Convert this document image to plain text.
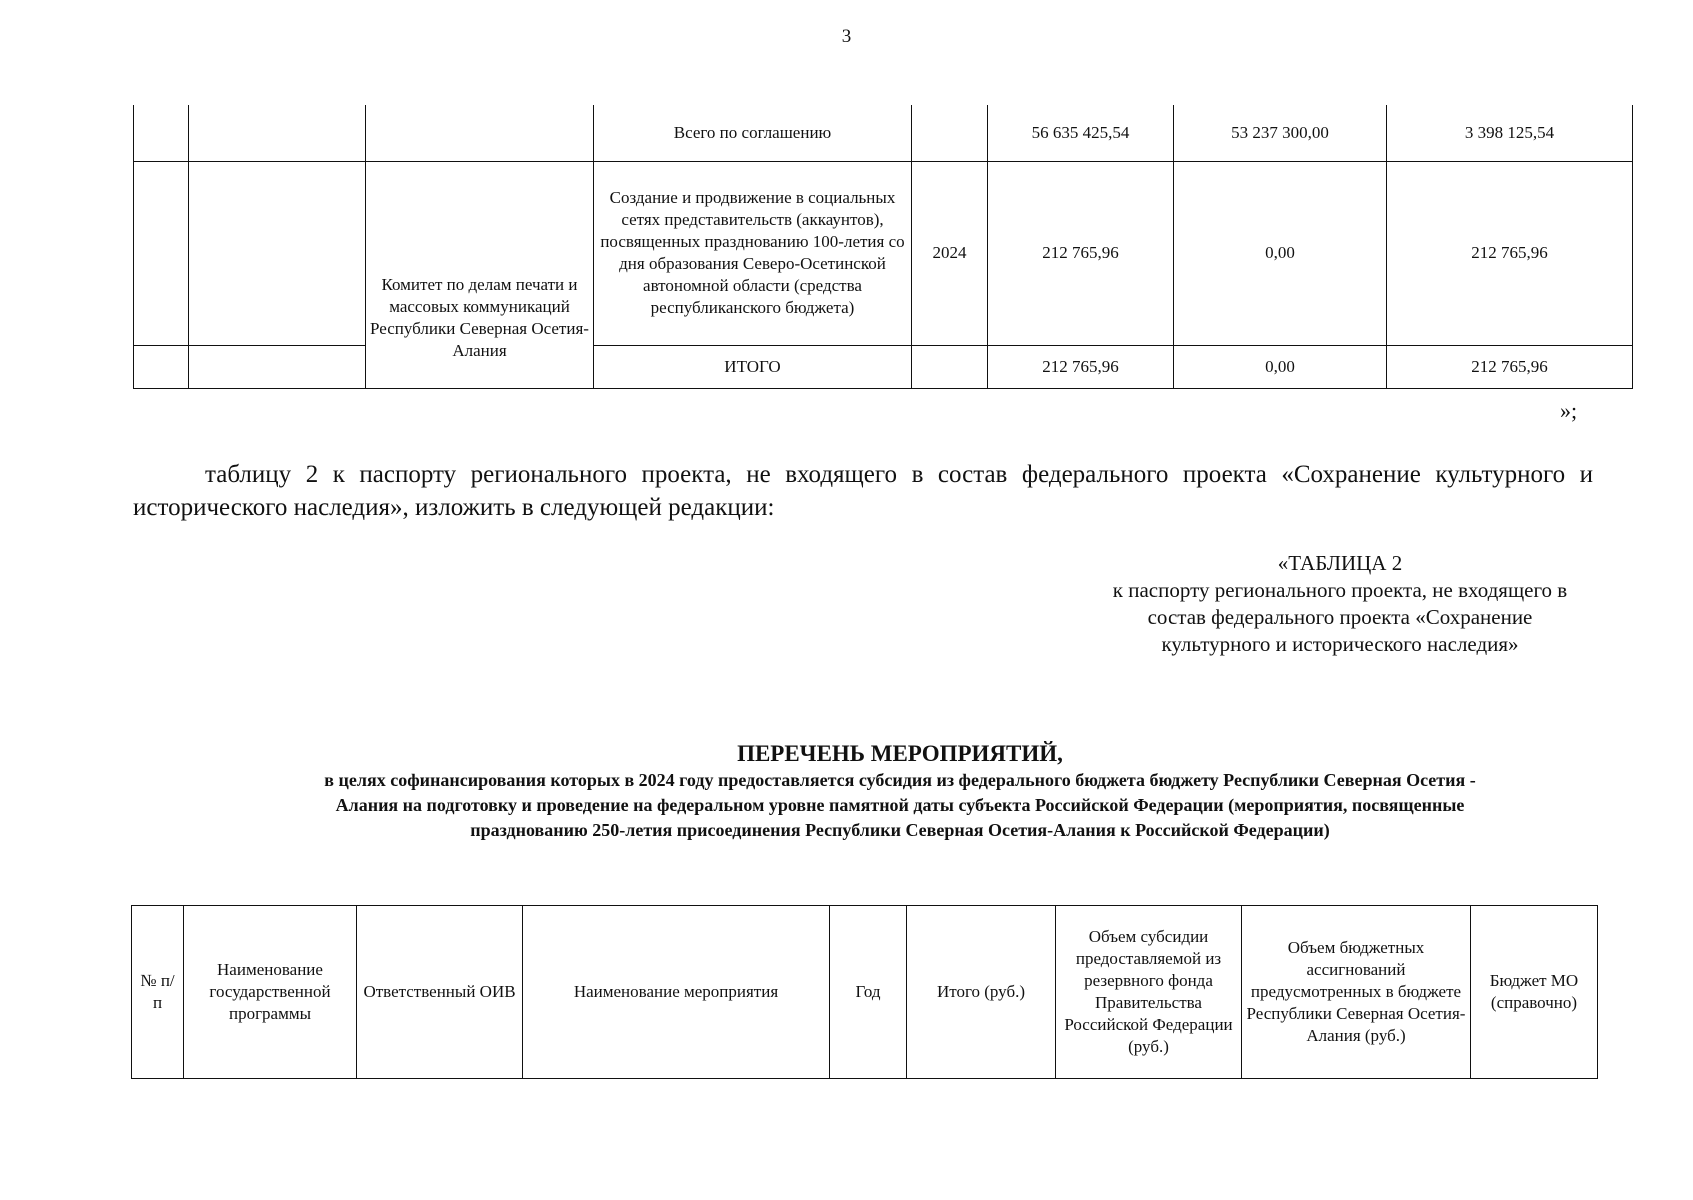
3
			Всего по соглашению		56 635 425,54	53 237 300,00	3 398 125,54
		Комитет по делам печати и массовых коммуникаций Республики Северная Осетия-Алания	Создание и продвижение в социальных сетях представительств (аккаунтов), посвященных празднованию 100-летия со дня образования Северо-Осетинской автономной области (средства республиканского бюджета)	2024	212 765,96	0,00	212 765,96
			ИТОГО		212 765,96	0,00	212 765,96
»;
таблицу 2 к паспорту регионального проекта, не входящего в состав федерального проекта «Сохранение культурного и исторического наследия», изложить в следующей редакции:
«ТАБЛИЦА 2
к паспорту регионального проекта, не входящего в состав федерального проекта «Сохранение культурного и исторического наследия»
ПЕРЕЧЕНЬ МЕРОПРИЯТИЙ,
в целях софинансирования которых в 2024 году предоставляется субсидия из федерального бюджета бюджету Республики Северная Осетия - Алания на подготовку и проведение на федеральном уровне памятной даты субъекта Российской Федерации (мероприятия, посвященные празднованию 250-летия присоединения Республики Северная Осетия-Алания к Российской Федерации)
№ п/п	Наименование государственной программы	Ответственный ОИВ	Наименование мероприятия	Год	Итого (руб.)	Объем субсидии предоставляемой из резервного фонда Правительства Российской Федерации (руб.)	Объем бюджетных ассигнований предусмотренных в бюджете Республики Северная Осетия-Алания (руб.)	Бюджет МО (справочно)
